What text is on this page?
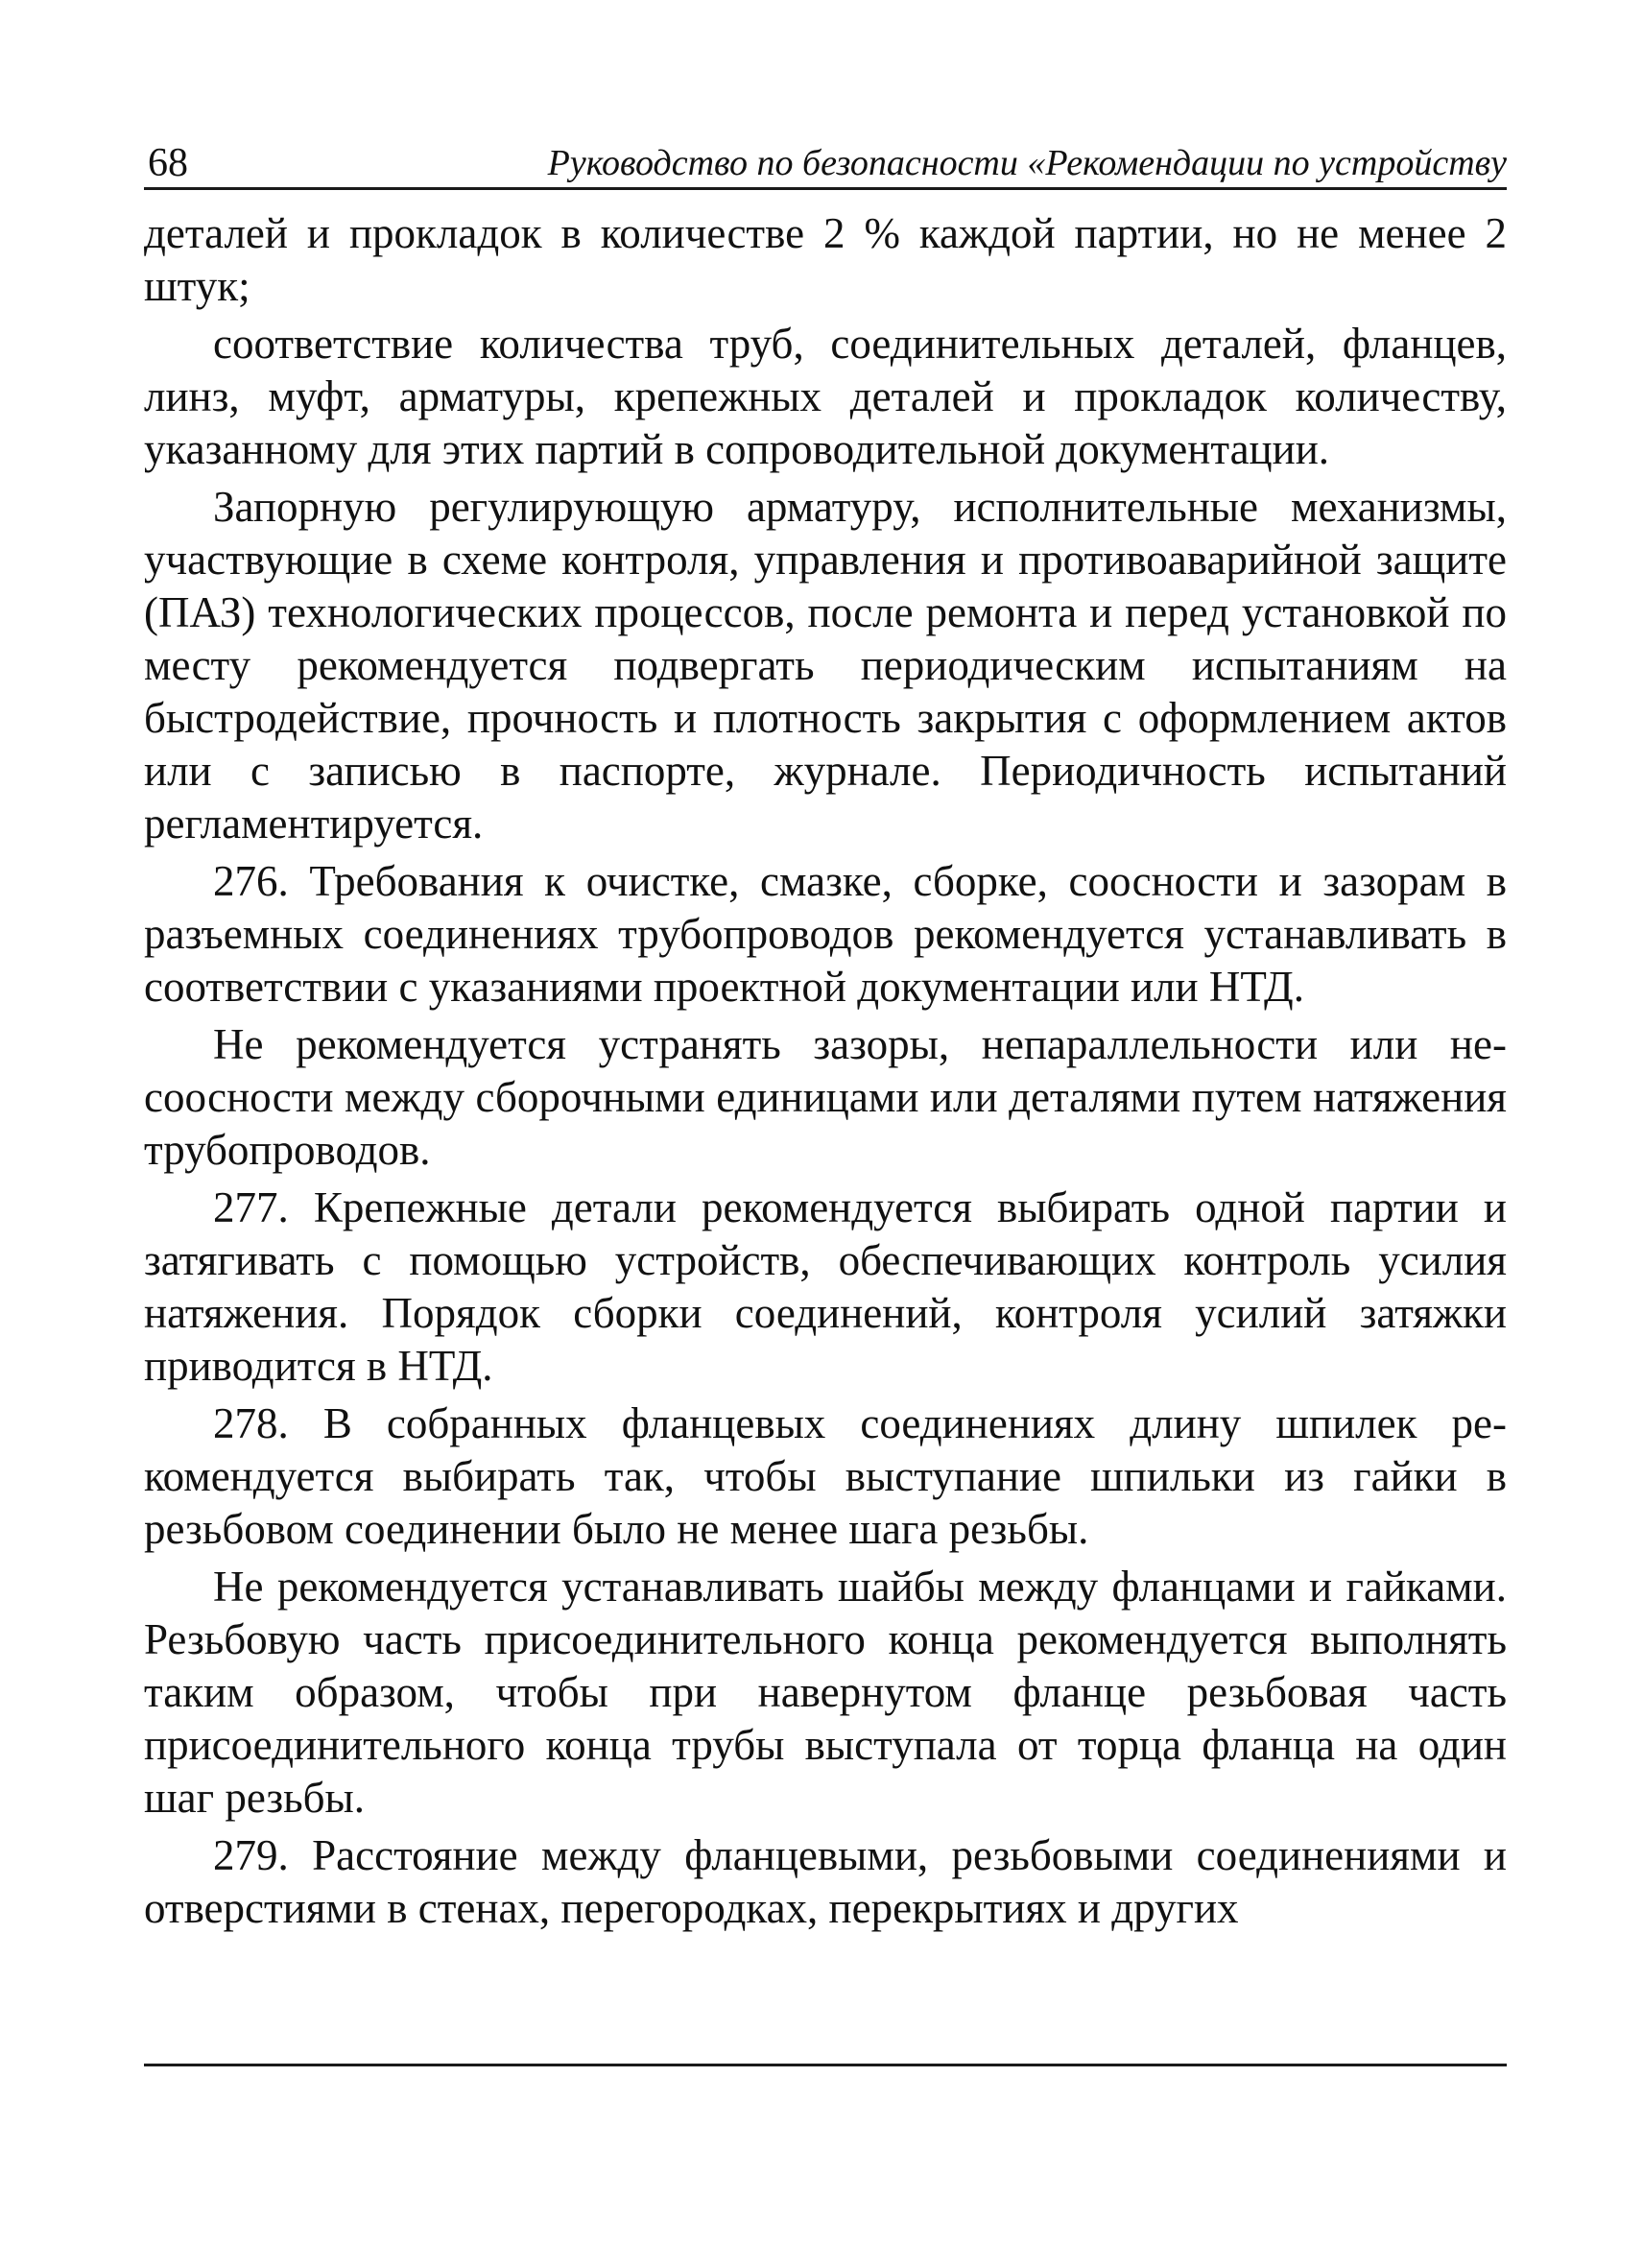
68	Руководство по безопасности «Рекомендации по устройству

деталей и прокладок в количестве 2 % каждой партии, но не менее 2 штук;

соответствие количества труб, соединительных деталей, фланцев, линз, муфт, арматуры, крепежных деталей и прокладок количеству, указанному для этих партий в сопроводительной документации.

Запорную регулирующую арматуру, исполнительные механизмы, участвующие в схеме контроля, управления и противоаварийной защите (ПАЗ) технологических процессов, после ремонта и перед установкой по месту рекомендуется подвергать периодическим испытаниям на быстродействие, прочность и плотность закрытия с оформлением актов или с записью в паспорте, журнале. Периодичность испытаний регламентируется.

276. Требования к очистке, смазке, сборке, соосности и зазорам в разъемных соединениях трубопроводов рекомендуется устанавливать в соответствии с указаниями проектной документации или НТД.

Не рекомендуется устранять зазоры, непараллельности или несоосности между сборочными единицами или деталями путем натяжения трубопроводов.

277. Крепежные детали рекомендуется выбирать одной партии и затягивать с помощью устройств, обеспечивающих контроль усилия натяжения. Порядок сборки соединений, контроля усилий затяжки приводится в НТД.

278. В собранных фланцевых соединениях длину шпилек рекомендуется выбирать так, чтобы выступание шпильки из гайки в резьбовом соединении было не менее шага резьбы.

Не рекомендуется устанавливать шайбы между фланцами и гайками. Резьбовую часть присоединительного конца рекомендуется выполнять таким образом, чтобы при навернутом фланце резьбовая часть присоединительного конца трубы выступала от торца фланца на один шаг резьбы.

279. Расстояние между фланцевыми, резьбовыми соединениями и отверстиями в стенах, перегородках, перекрытиях и других
